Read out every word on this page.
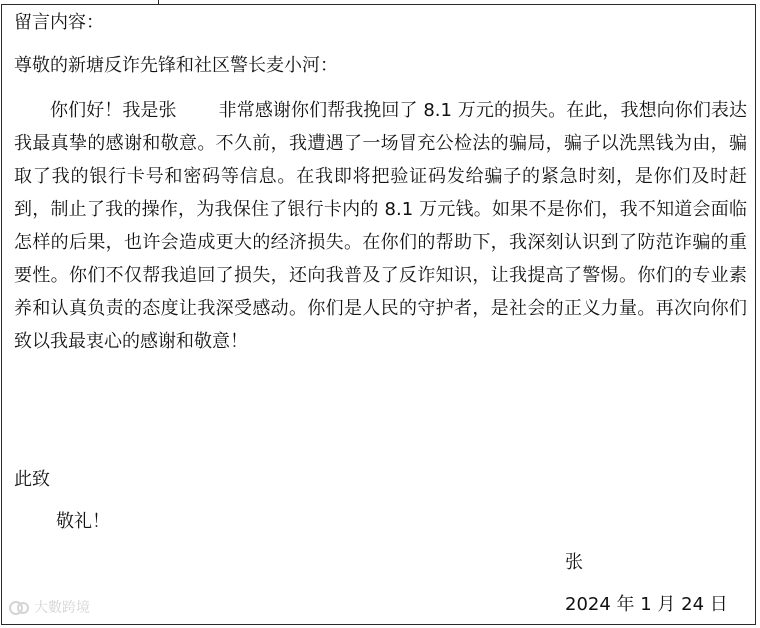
留言内容：
尊敬的新塘反诈先锋和社区警长麦小河：
你们好！我是张 非常感谢你们帮我挽回了 8.1 万元的损失。在此，我想向你们表达我最真挚的感谢和敬意。不久前，我遭遇了一场冒充公检法的骗局，骗子以洗黑钱为由，骗取了我的银行卡号和密码等信息。在我即将把验证码发给骗子的紧急时刻，是你们及时赶到，制止了我的操作，为我保住了银行卡内的 8.1 万元钱。如果不是你们，我不知道会面临怎样的后果，也许会造成更大的经济损失。在你们的帮助下，我深刻认识到了防范诈骗的重要性。你们不仅帮我追回了损失，还向我普及了反诈知识，让我提高了警惕。你们的专业素养和认真负责的态度让我深受感动。你们是人民的守护者，是社会的正义力量。再次向你们致以我最衷心的感谢和敬意！
此致
敬礼！
张
2024 年 1 月 24 日
大數跨境
